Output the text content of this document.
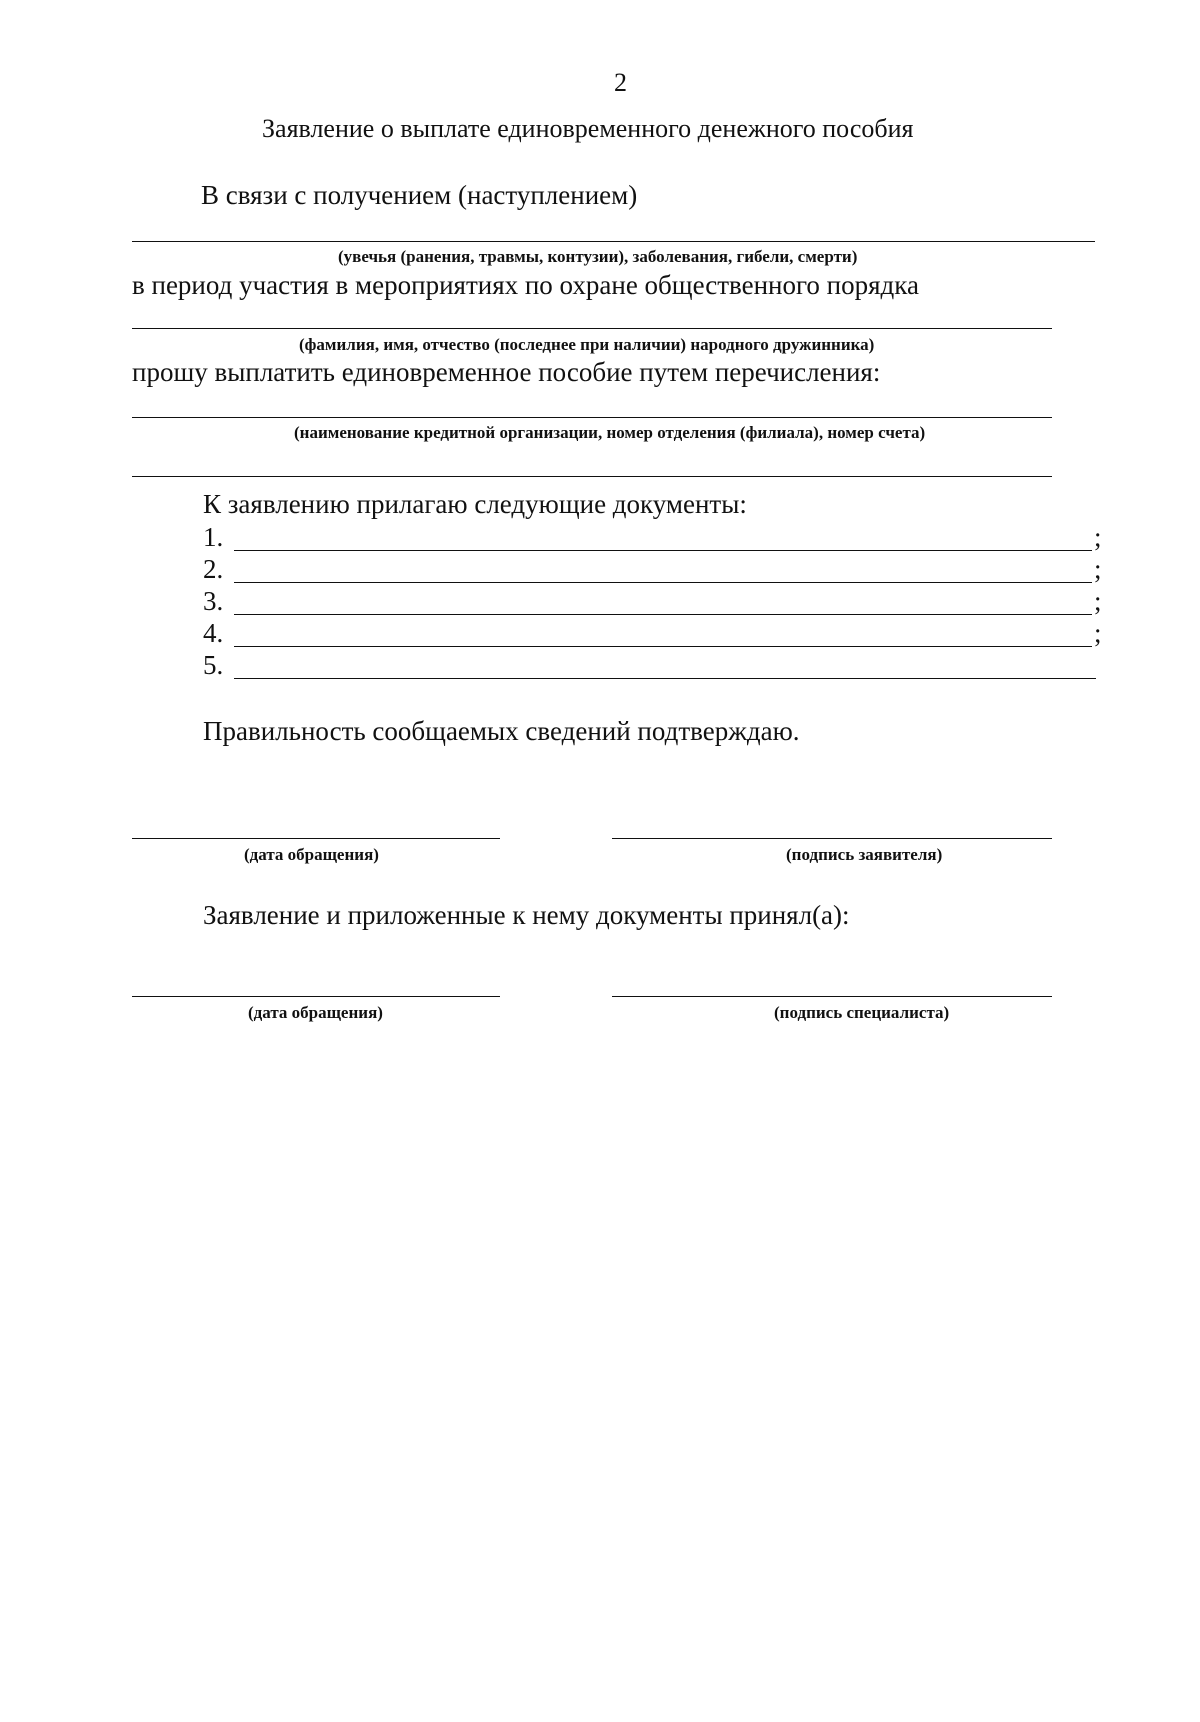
2
Заявление о выплате единовременного денежного пособия
В связи с получением (наступлением)
(увечья (ранения, травмы, контузии), заболевания, гибели, смерти)
в период участия в мероприятиях по охране общественного порядка
(фамилия, имя, отчество (последнее при наличии) народного дружинника)
прошу выплатить единовременное пособие путем перечисления:
(наименование кредитной организации, номер отделения (филиала), номер счета)
К заявлению прилагаю следующие документы:
1.	;
2.	;
3.	;
4.	;
5.
Правильность сообщаемых сведений подтверждаю.
(дата обращения)	(подпись заявителя)
Заявление и приложенные к нему документы принял(а):
(дата обращения)	(подпись специалиста)
